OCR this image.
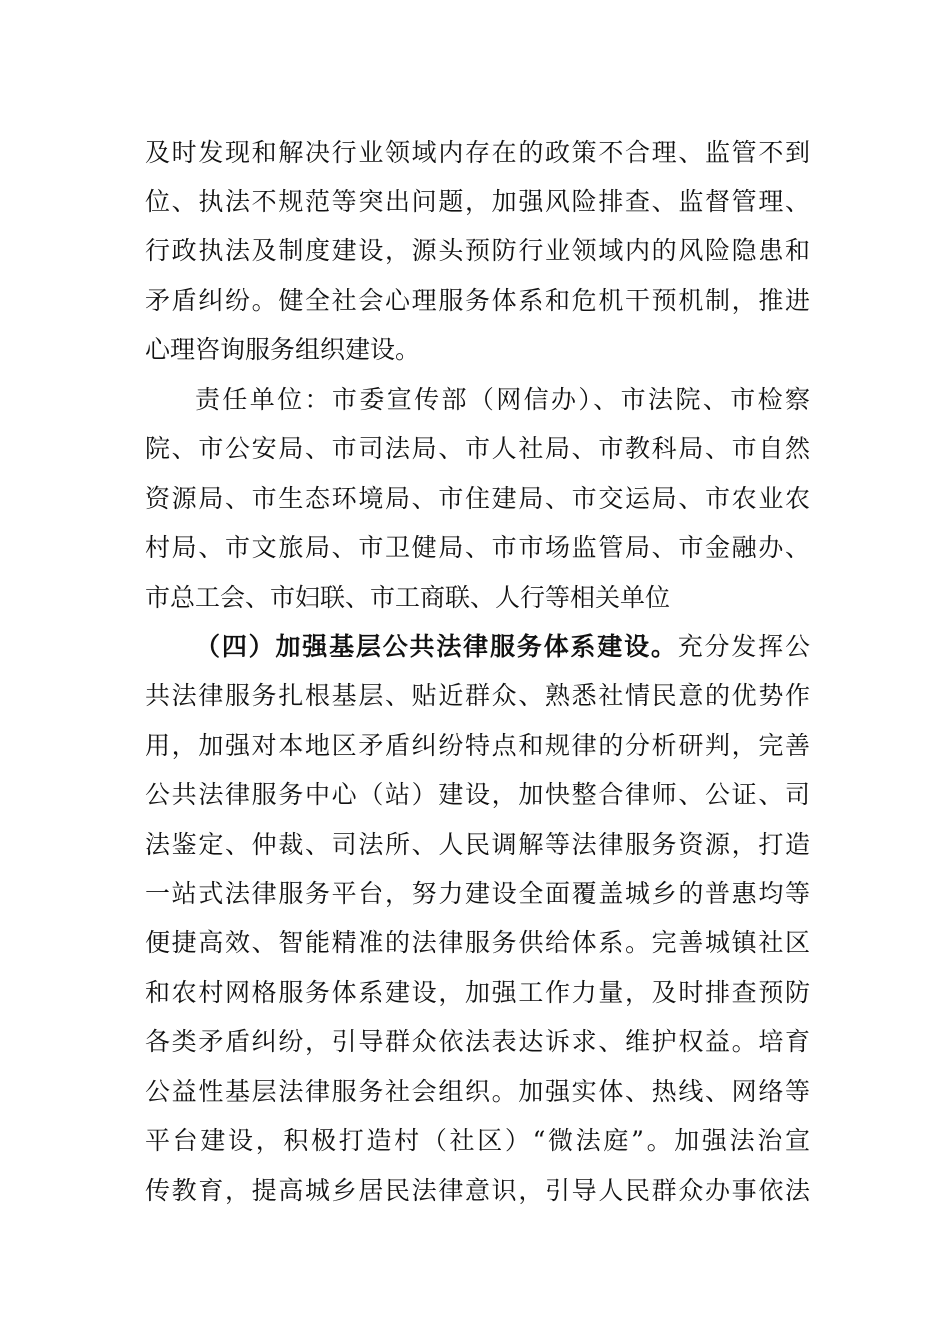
及时发现和解决行业领域内存在的政策不合理、监管不到

位、执法不规范等突出问题，加强风险排查、监督管理、

行政执法及制度建设，源头预防行业领域内的风险隐患和

矛盾纠纷。健全社会心理服务体系和危机干预机制，推进

心理咨询服务组织建设。

责任单位：市委宣传部（网信办）、市法院、市检察

院、市公安局、市司法局、市人社局、市教科局、市自然

资源局、市生态环境局、市住建局、市交运局、市农业农

村局、市文旅局、市卫健局、市市场监管局、市金融办、

市总工会、市妇联、市工商联、人行等相关单位

（四）加强基层公共法律服务体系建设。充分发挥公

共法律服务扎根基层、贴近群众、熟悉社情民意的优势作

用，加强对本地区矛盾纠纷特点和规律的分析研判，完善

公共法律服务中心（站）建设，加快整合律师、公证、司

法鉴定、仲裁、司法所、人民调解等法律服务资源，打造

一站式法律服务平台，努力建设全面覆盖城乡的普惠均等

便捷高效、智能精准的法律服务供给体系。完善城镇社区

和农村网格服务体系建设，加强工作力量，及时排查预防

各类矛盾纠纷，引导群众依法表达诉求、维护权益。培育

公益性基层法律服务社会组织。加强实体、热线、网络等

平台建设，积极打造村（社区）“微法庭”。加强法治宣

传教育，提高城乡居民法律意识，引导人民群众办事依法
